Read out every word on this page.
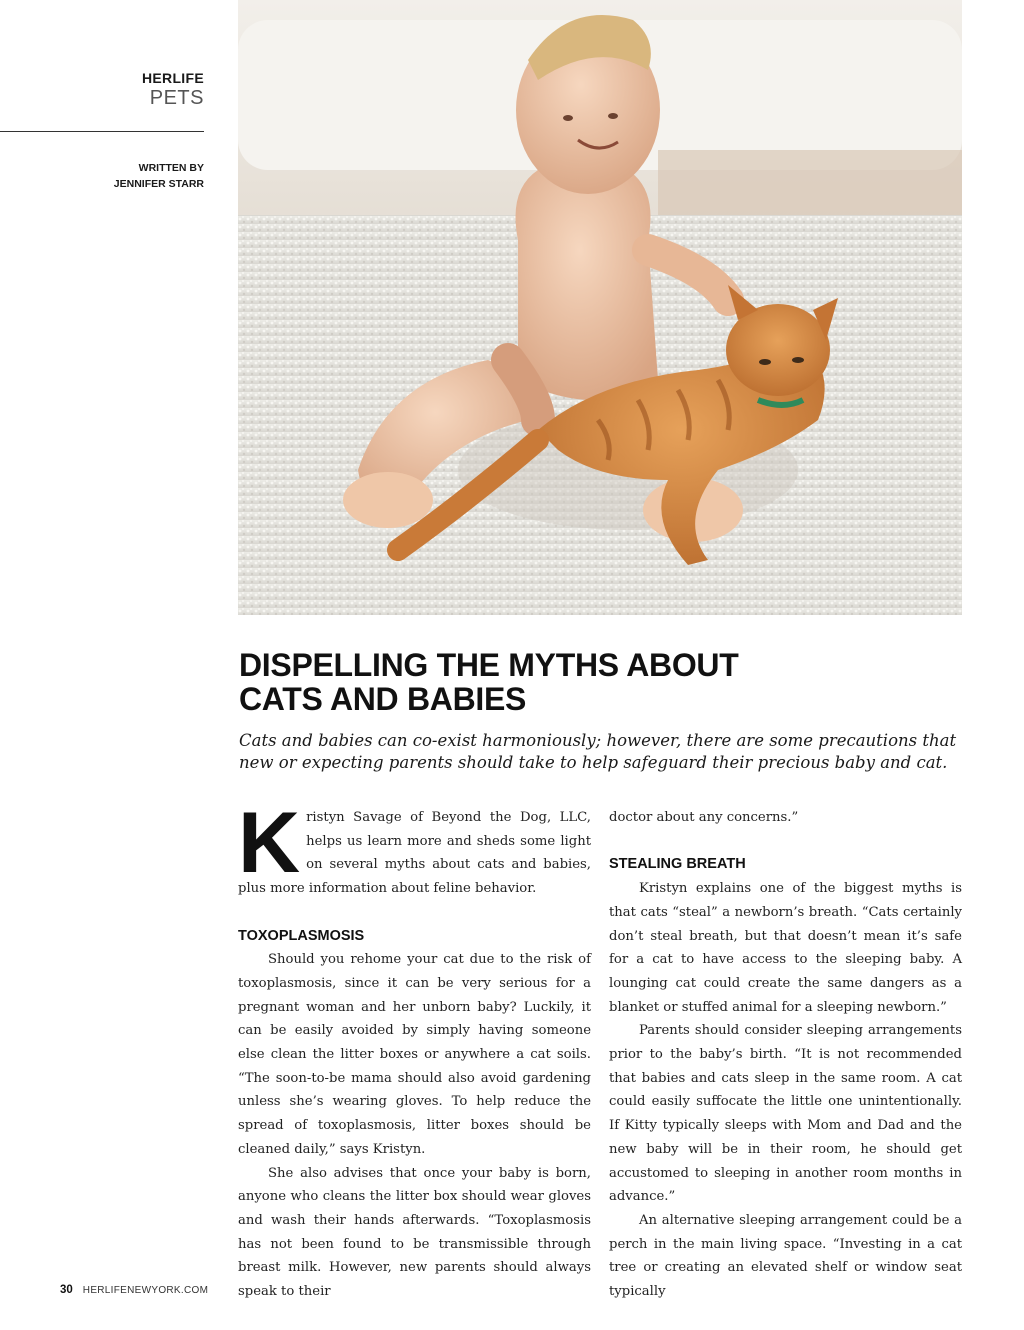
HERLIFE
PETS
WRITTEN BY
JENNIFER STARR
DISPELLING THE MYTHS ABOUT
CATS AND BABIES

Cats and babies can co-exist harmoniously; however, there are some precautions that new or expecting parents should take to help safeguard their precious baby and cat.

Kristyn Savage of Beyond the Dog, LLC, helps us learn more and sheds some light on several myths about cats and babies, plus more information about feline behavior.

TOXOPLASMOSIS

Should you rehome your cat due to the risk of toxoplasmosis, since it can be very serious for a pregnant woman and her unborn baby? Luckily, it can be easily avoided by simply having someone else clean the litter boxes or anywhere a cat soils. “The soon-to-be mama should also avoid gardening unless she’s wearing gloves. To help reduce the spread of toxoplasmosis, litter boxes should be cleaned daily,” says Kristyn.

She also advises that once your baby is born, anyone who cleans the litter box should wear gloves and wash their hands afterwards. “Toxoplasmosis has not been found to be transmissible through breast milk. However, new parents should always speak to their

doctor about any concerns.”

STEALING BREATH

Kristyn explains one of the biggest myths is that cats “steal” a newborn’s breath. “Cats certainly don’t steal breath, but that doesn’t mean it’s safe for a cat to have access to the sleeping baby. A lounging cat could create the same dangers as a blanket or stuffed animal for a sleeping newborn.”

Parents should consider sleeping arrangements prior to the baby’s birth. “It is not recommended that babies and cats sleep in the same room. A cat could easily suffocate the little one unintentionally. If Kitty typically sleeps with Mom and Dad and the new baby will be in their room, he should get accustomed to sleeping in another room months in advance.”

An alternative sleeping arrangement could be a perch in the main living space. “Investing in a cat tree or creating an elevated shelf or window seat typically

30 HERLIFENEWYORK.COM
